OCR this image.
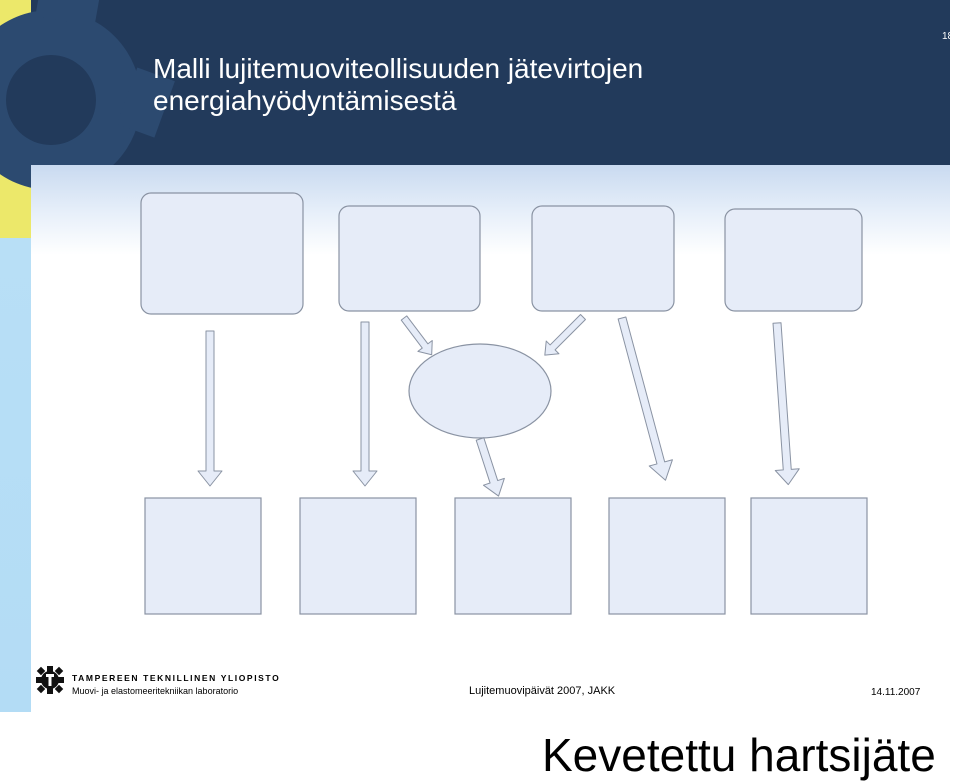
18
Malli lujitemuoviteollisuuden jätevirtojen
energiahyödyntämisestä
TAMPEREEN TEKNILLINEN YLIOPISTO
Muovi- ja elastomeeritekniikan laboratorio	Lujitemuovipäivät 2007, JAKK	14.11.2007
Kevetettu hartsijäte
